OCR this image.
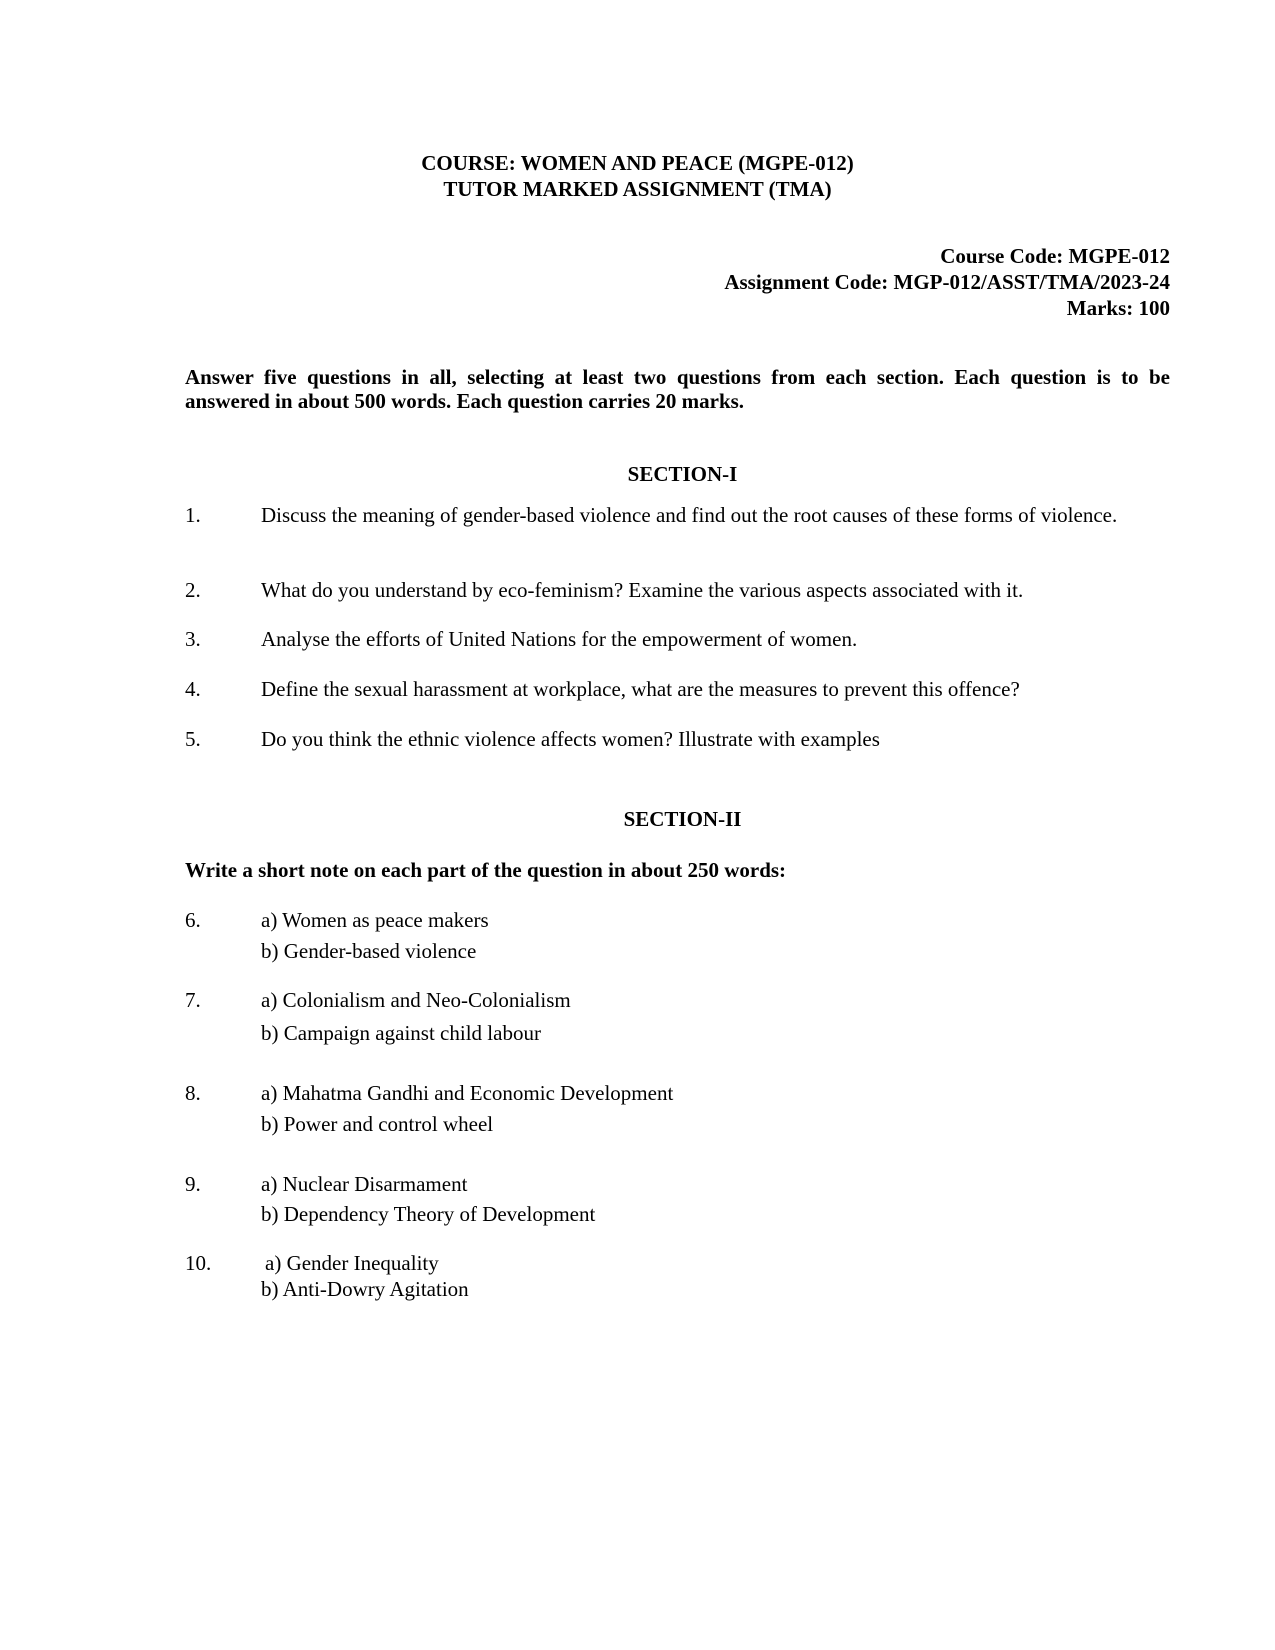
COURSE: WOMEN AND PEACE (MGPE-012)
TUTOR MARKED ASSIGNMENT (TMA)
Course Code: MGPE-012
Assignment Code: MGP-012/ASST/TMA/2023-24
Marks: 100
Answer five questions in all, selecting at least two questions from each section. Each question is to be answered in about 500 words. Each question carries 20 marks.
SECTION-I
1.	Discuss the meaning of gender-based violence and find out the root causes of these forms of violence.
2.	What do you understand by eco-feminism? Examine the various aspects associated with it.
3.	Analyse the efforts of United Nations for the empowerment of women.
4.	Define the sexual harassment at workplace, what are the measures to prevent this offence?
5.	Do you think the ethnic violence affects women? Illustrate with examples
SECTION-II
Write a short note on each part of the question in about 250 words:
6.	a) Women as peace makers
b) Gender-based violence
7.	a) Colonialism and Neo-Colonialism
b) Campaign against child labour
8.	a) Mahatma Gandhi and Economic Development
b) Power and control wheel
9.	a) Nuclear Disarmament
b) Dependency Theory of Development
10.	a) Gender Inequality
b) Anti-Dowry Agitation
